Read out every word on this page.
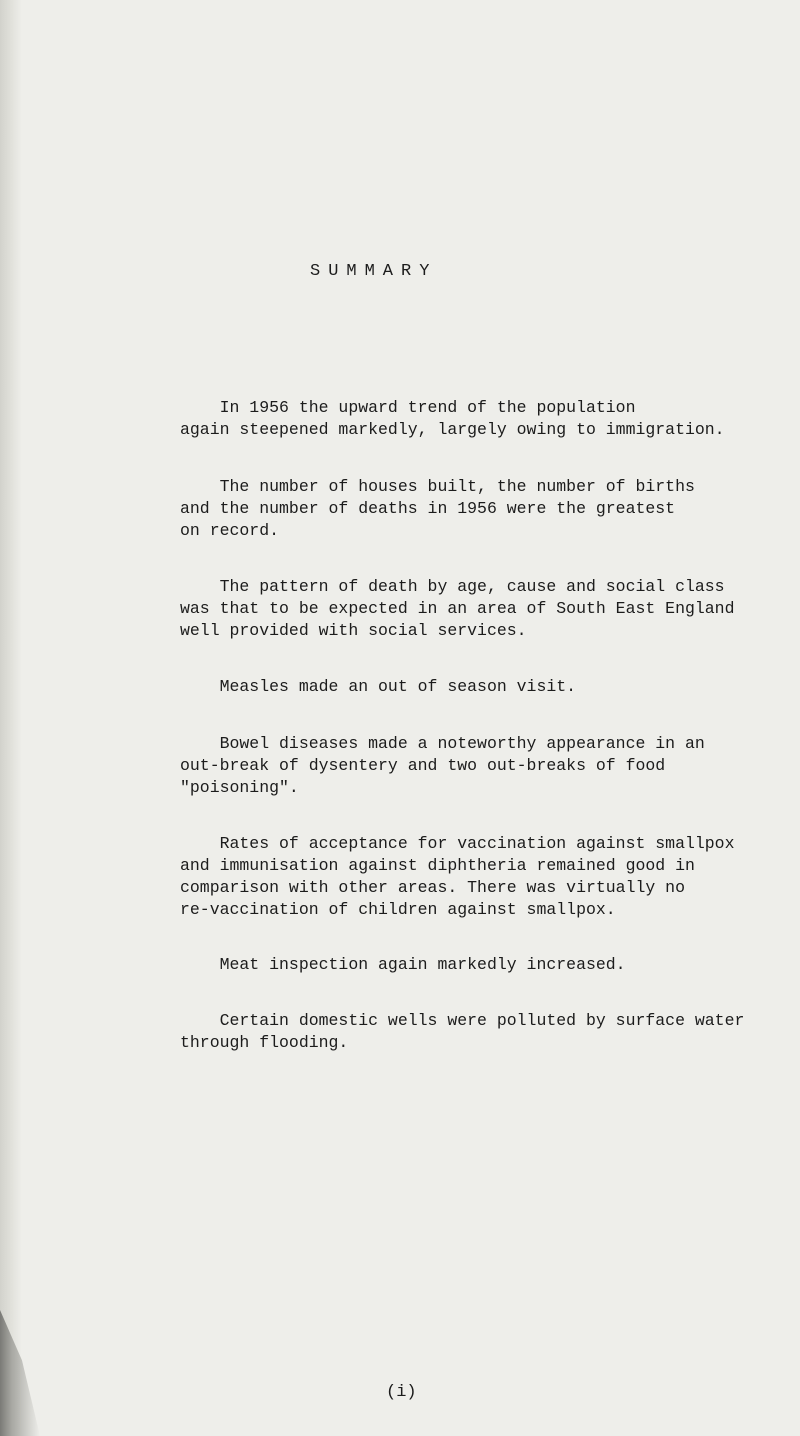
SUMMARY

In 1956 the upward trend of the population
again steepened markedly, largely owing to immigration.

The number of houses built, the number of births
and the number of deaths in 1956 were the greatest
on record.

The pattern of death by age, cause and social class
was that to be expected in an area of South East England
well provided with social services.

Measles made an out of season visit.

Bowel diseases made a noteworthy appearance in an
out-break of dysentery and two out-breaks of food
"poisoning".

Rates of acceptance for vaccination against smallpox
and immunisation against diphtheria remained good in
comparison with other areas. There was virtually no
re-vaccination of children against smallpox.

Meat inspection again markedly increased.

Certain domestic wells were polluted by surface water
through flooding.

(i)
